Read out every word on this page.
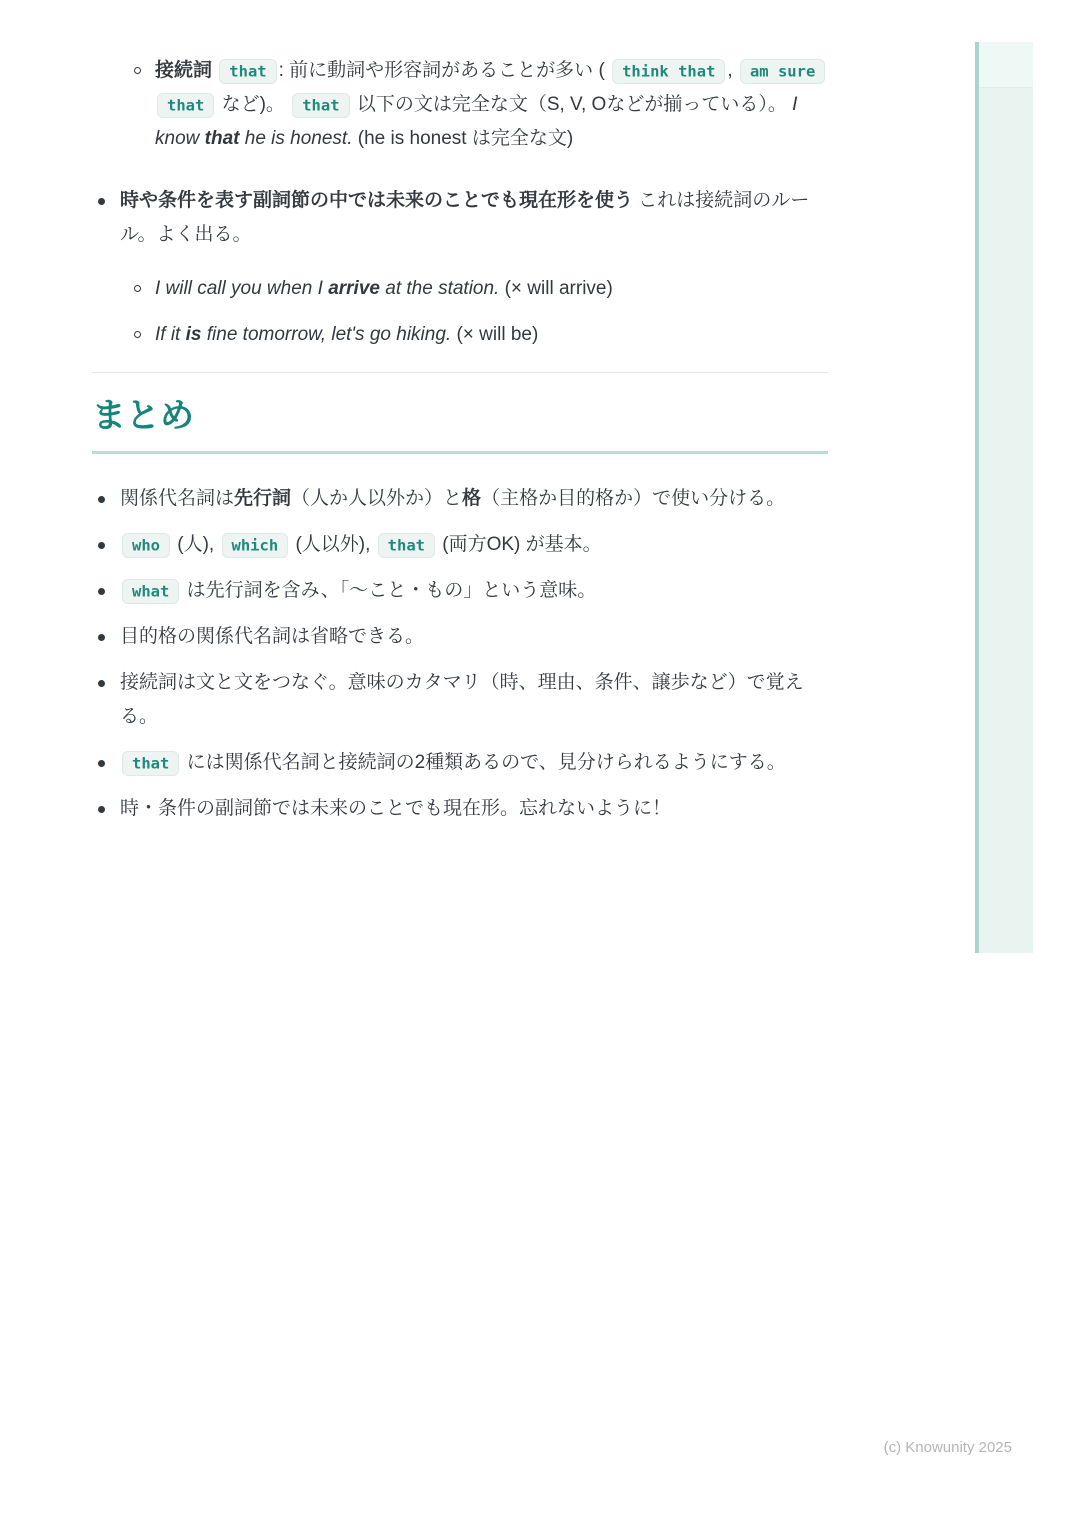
接続詞 that : 前に動詞や形容詞があることが多い ( think that , am sure that など)。 that 以下の文は完全な文（S, V, Oなどが揃っている）。 I know that he is honest. (he is honest は完全な文)
時や条件を表す副詞節の中では未来のことでも現在形を使う これは接続詞のルール。よく出る。
I will call you when I arrive at the station. (× will arrive)
If it is fine tomorrow, let's go hiking. (× will be)
まとめ
関係代名詞は先行詞（人か人以外か）と格（主格か目的格か）で使い分ける。
who (人), which (人以外), that (両方OK) が基本。
what は先行詞を含み、「〜こと・もの」という意味。
目的格の関係代名詞は省略できる。
接続詞は文と文をつなぐ。意味のカタマリ（時、理由、条件、譲歩など）で覚える。
that には関係代名詞と接続詞の2種類あるので、見分けられるようにする。
時・条件の副詞節では未来のことでも現在形。忘れないように！
(c) Knowunity 2025
